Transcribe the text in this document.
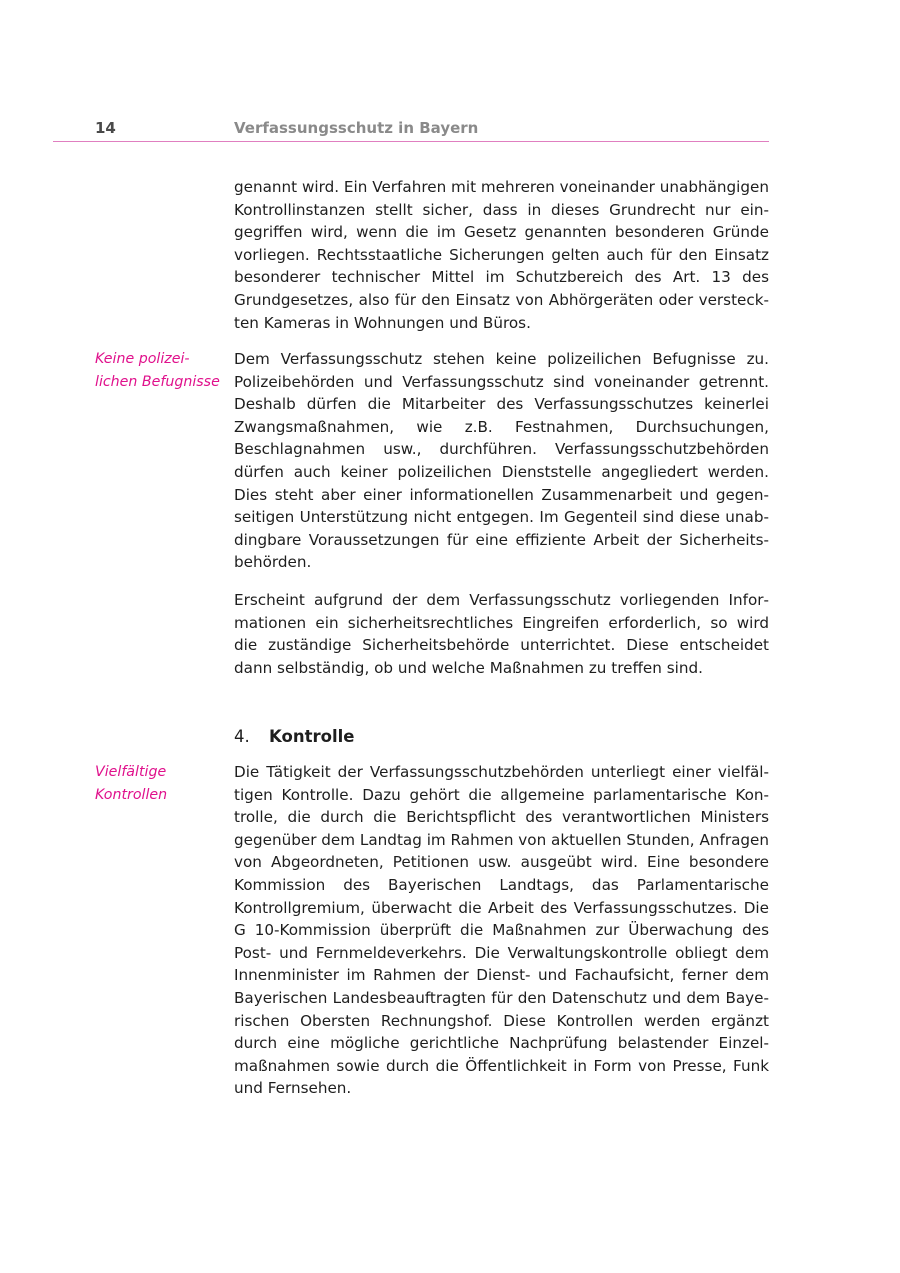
14	Verfassungsschutz in Bayern

genannt wird. Ein Verfahren mit mehreren voneinander unabhängigen Kontrollinstanzen stellt sicher, dass in dieses Grundrecht nur eingegriffen wird, wenn die im Gesetz genannten besonderen Gründe vorliegen. Rechtsstaatliche Sicherungen gelten auch für den Einsatz besonderer technischer Mittel im Schutzbereich des Art. 13 des Grundgesetzes, also für den Einsatz von Abhörgeräten oder versteckten Kameras in Wohnungen und Büros.

Keine polizei-lichen Befugnisse

Dem Verfassungsschutz stehen keine polizeilichen Befugnisse zu. Polizeibehörden und Verfassungsschutz sind voneinander getrennt. Deshalb dürfen die Mitarbeiter des Verfassungsschutzes keinerlei Zwangsmaßnahmen, wie z.B. Festnahmen, Durchsuchungen, Beschlagnahmen usw., durchführen. Verfassungsschutzbehörden dürfen auch keiner polizeilichen Dienststelle angegliedert werden. Dies steht aber einer informationellen Zusammenarbeit und gegenseitigen Unterstützung nicht entgegen. Im Gegenteil sind diese unabdingbare Voraussetzungen für eine effiziente Arbeit der Sicherheitsbehörden.

Erscheint aufgrund der dem Verfassungsschutz vorliegenden Informationen ein sicherheitsrechtliches Eingreifen erforderlich, so wird die zuständige Sicherheitsbehörde unterrichtet. Diese entscheidet dann selbständig, ob und welche Maßnahmen zu treffen sind.

4. Kontrolle
Vielfältige Kontrollen

Die Tätigkeit der Verfassungsschutzbehörden unterliegt einer vielfältigen Kontrolle. Dazu gehört die allgemeine parlamentarische Kontrolle, die durch die Berichtspflicht des verantwortlichen Ministers gegenüber dem Landtag im Rahmen von aktuellen Stunden, Anfragen von Abgeordneten, Petitionen usw. ausgeübt wird. Eine besondere Kommission des Bayerischen Landtags, das Parlamentarische Kontrollgremium, überwacht die Arbeit des Verfassungsschutzes. Die G 10-Kommission überprüft die Maßnahmen zur Überwachung des Post- und Fernmeldeverkehrs. Die Verwaltungskontrolle obliegt dem Innenminister im Rahmen der Dienst- und Fachaufsicht, ferner dem Bayerischen Landesbeauftragten für den Datenschutz und dem Bayerischen Obersten Rechnungshof. Diese Kontrollen werden ergänzt durch eine mögliche gerichtliche Nachprüfung belastender Einzelmaßnahmen sowie durch die Öffentlichkeit in Form von Presse, Funk und Fernsehen.
